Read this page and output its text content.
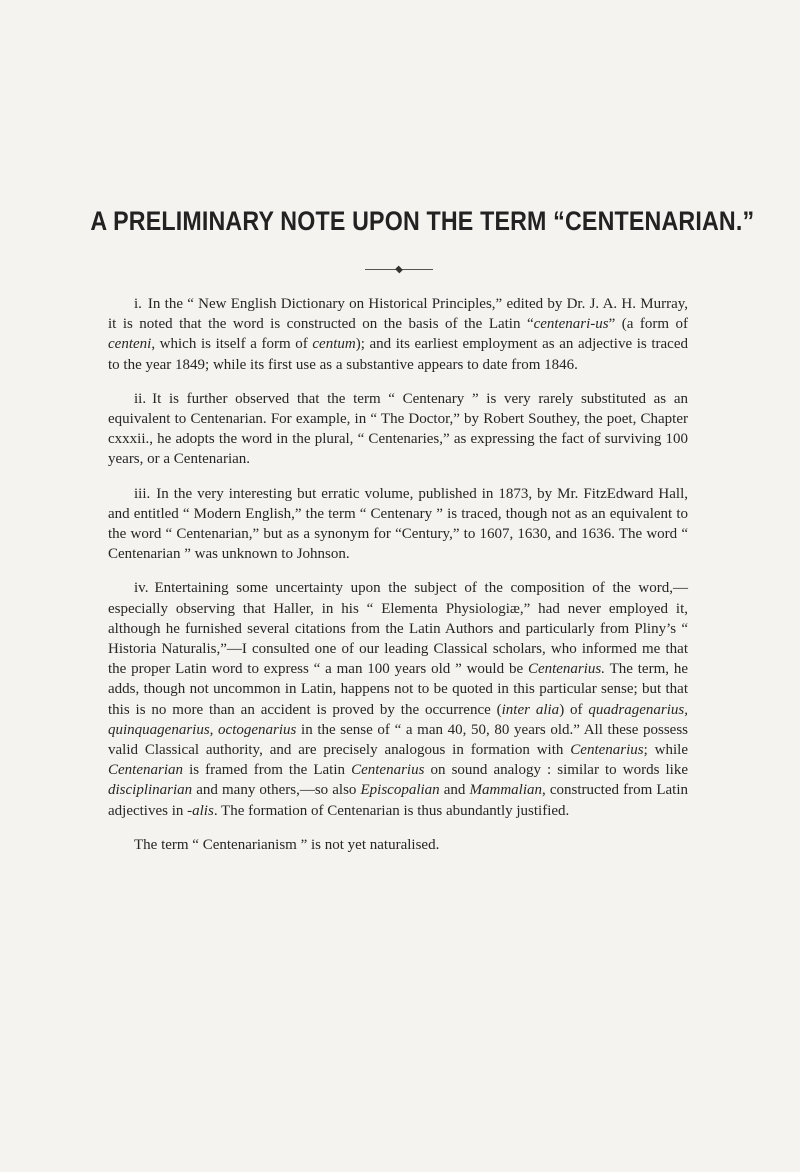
A PRELIMINARY NOTE UPON THE TERM “CENTENARIAN.”

i. In the “ New English Dictionary on Historical Principles,” edited by Dr. J. A. H. Murray, it is noted that the word is constructed on the basis of the Latin “centenari-us” (a form of centeni, which is itself a form of centum); and its earliest employment as an adjective is traced to the year 1849; while its first use as a substantive appears to date from 1846.

ii. It is further observed that the term “ Centenary ” is very rarely substituted as an equivalent to Centenarian. For example, in “ The Doctor,” by Robert Southey, the poet, Chapter cxxxii., he adopts the word in the plural, “ Centenaries,” as expressing the fact of surviving 100 years, or a Centenarian.

iii. In the very interesting but erratic volume, published in 1873, by Mr. FitzEdward Hall, and entitled “ Modern English,” the term “ Centenary ” is traced, though not as an equivalent to the word “ Centenarian,” but as a synonym for “Century,” to 1607, 1630, and 1636. The word “ Centenarian ” was unknown to Johnson.

iv. Entertaining some uncertainty upon the subject of the composition of the word,— especially observing that Haller, in his “ Elementa Physiologiæ,” had never employed it, although he furnished several citations from the Latin Authors and particularly from Pliny’s “ Historia Naturalis,”—I consulted one of our leading Classical scholars, who informed me that the proper Latin word to express “ a man 100 years old ” would be Centenarius. The term, he adds, though not uncommon in Latin, happens not to be quoted in this particular sense; but that this is no more than an accident is proved by the occurrence (inter alia) of quadragenarius, quinquagenarius, octogenarius in the sense of “ a man 40, 50, 80 years old.” All these possess valid Classical authority, and are precisely analogous in formation with Centenarius; while Centenarian is framed from the Latin Centenarius on sound analogy : similar to words like disciplinarian and many others,—so also Episcopalian and Mammalian, constructed from Latin adjectives in -alis. The formation of Centenarian is thus abundantly justified.

The term “ Centenarianism ” is not yet naturalised.
